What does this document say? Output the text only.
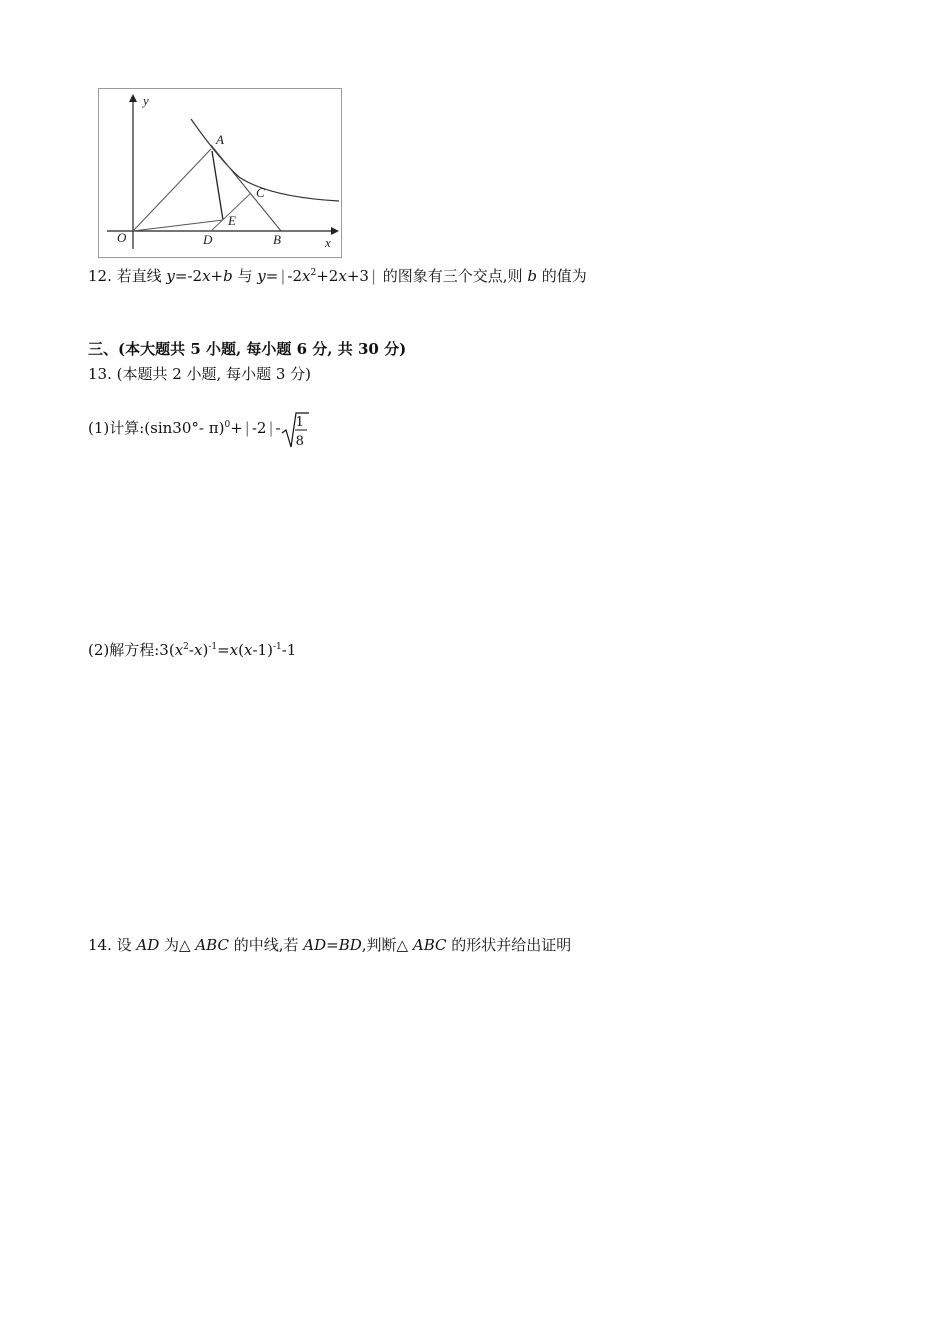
y
A
C
E
O	D	B	x
12. 若直线 y=-2x+b 与 y= | $-2x^2+2x+3$ | 的图象有三个交点,则 b 的值为
三、(本大题共 5 小题, 每小题 6 分, 共 30 分)
13. (本题共 2 小题, 每小题 3 分)
(1)计算:(sin30°- π)$^0$+ | -2 | - 1
8
(2)解方程$:3(x^2-x)^{-1}=x(x-1)^{-1}-1$
14. 设 AD 为△ ABC 的中线,若 AD=BD,判断△ ABC 的形状并给出证明
